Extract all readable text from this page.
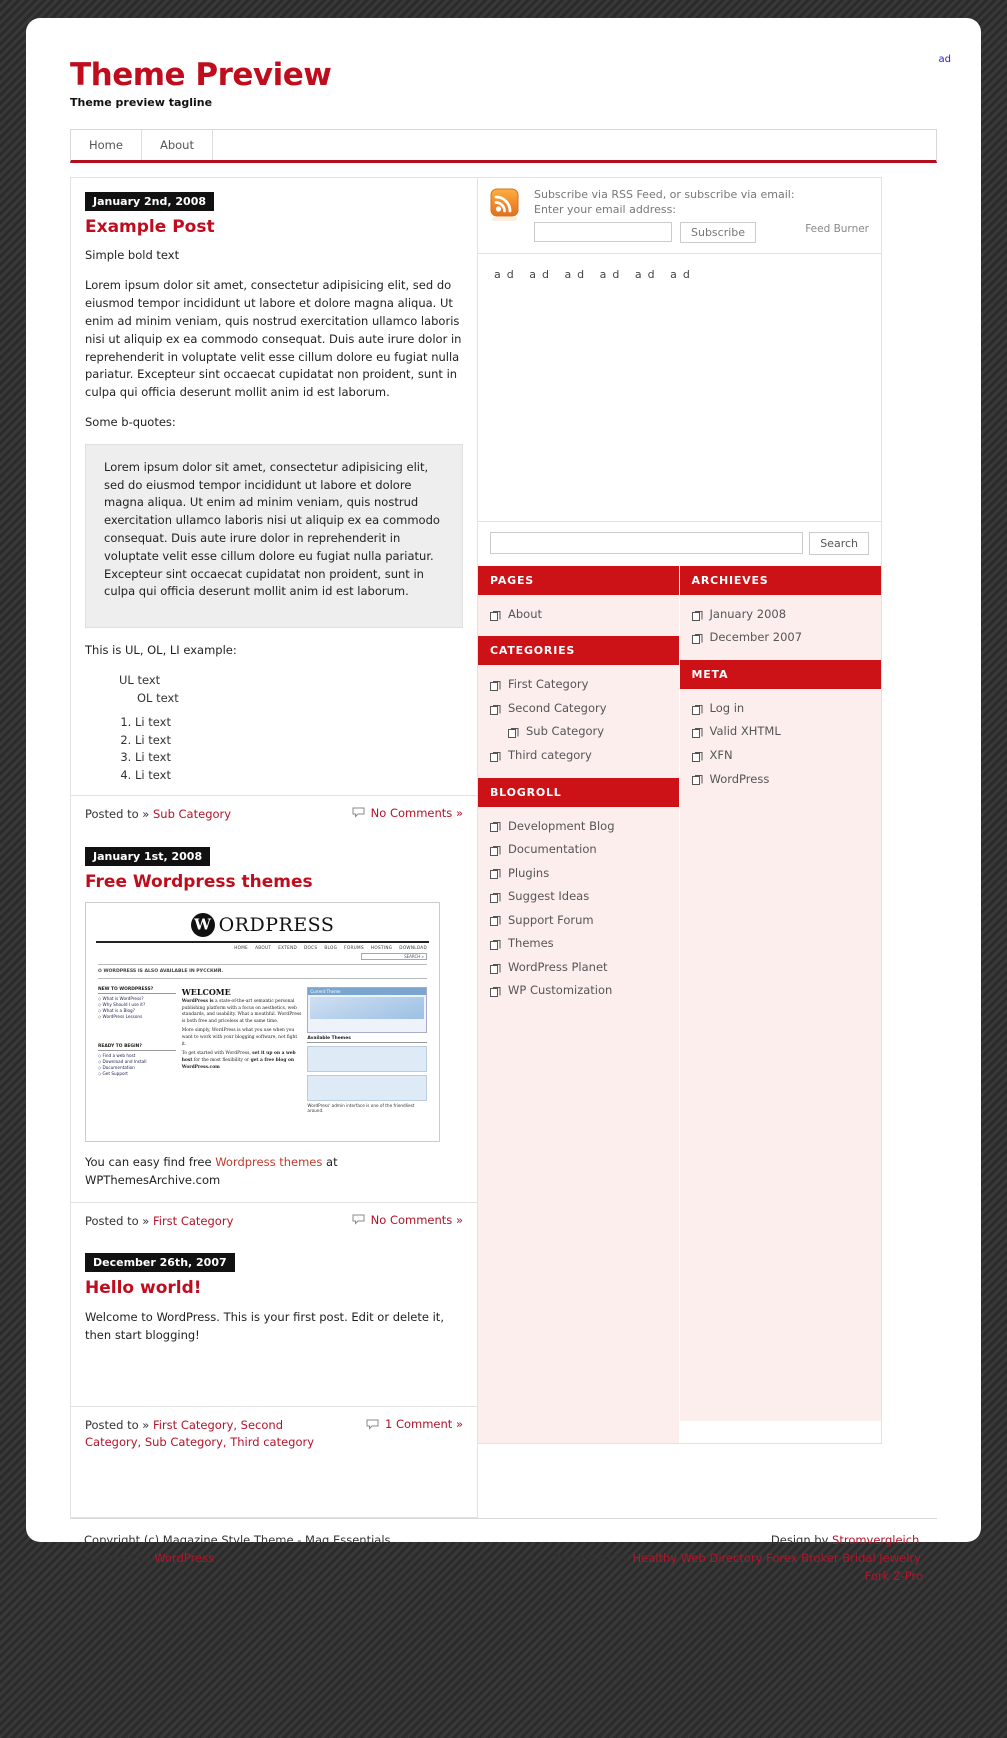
Theme Preview

Theme preview tagline

ad
Home	About
January 2nd, 2008
Example Post

Simple bold text

Lorem ipsum dolor sit amet, consectetur adipisicing elit, sed do eiusmod tempor incididunt ut labore et dolore magna aliqua. Ut enim ad minim veniam, quis nostrud exercitation ullamco laboris nisi ut aliquip ex ea commodo consequat. Duis aute irure dolor in reprehenderit in voluptate velit esse cillum dolore eu fugiat nulla pariatur. Excepteur sint occaecat cupidatat non proident, sunt in culpa qui officia deserunt mollit anim id est laborum.

Some b-quotes:

Lorem ipsum dolor sit amet, consectetur adipisicing elit, sed do eiusmod tempor incididunt ut labore et dolore magna aliqua. Ut enim ad minim veniam, quis nostrud exercitation ullamco laboris nisi ut aliquip ex ea commodo consequat. Duis aute irure dolor in reprehenderit in voluptate velit esse cillum dolore eu fugiat nulla pariatur. Excepteur sint occaecat cupidatat non proident, sunt in culpa qui officia deserunt mollit anim id est laborum.

This is UL, OL, LI example:

UL text
OL text
1. Li text
2. Li text
3. Li text
4. Li text
Posted to » Sub Category	No Comments »
January 1st, 2008
Free Wordpress themes
W
ORDPRESS
HOME ABOUT EXTEND DOCS BLOG FORUMS HOSTING DOWNLOAD
SEARCH »
✪ WORDPRESS IS ALSO AVAILABLE IN РУССКИЙ.
NEW TO WORDPRESS?
◇ What is WordPress?
◇ Why Should I use it?
◇ What is a Blog?
◇ WordPress Lessons
READY TO BEGIN?
◇ Find a web host
◇ Download and Install
◇ Documentation
◇ Get Support
WELCOME
WordPress is a state-of-the-art semantic personal publishing platform with a focus on aesthetics, web standards, and usability. What a mouthful. WordPress is both free and priceless at the same time.
More simply, WordPress is what you use when you want to work with your blogging software, not fight it.
To get started with WordPress, set it up on a web host for the most flexibility or get a free blog on WordPress.com
Current Theme
Available Themes
WordPress' admin interface is one of the friendliest around.

You can easy find free Wordpress themes at WPThemesArchive.com

Posted to » First Category	No Comments »
December 26th, 2007
Hello world!

Welcome to WordPress. This is your first post. Edit or delete it, then start blogging!

Posted to » First Category, Second Category, Sub Category, Third category
1 Comment »
Subscribe via RSS Feed, or subscribe via email:
Enter your email address:
Subscribe	Feed Burner
ad ad ad ad ad ad
Search
PAGES
About
CATEGORIES
First Category
Second Category
Sub Category
Third category
BLOGROLL
Development Blog
Documentation
Plugins
Suggest Ideas
Support Forum
Themes
WordPress Planet
WP Customization
ARCHIEVES
January 2008
December 2007
META
Log in
Valid XHTML
XFN
WordPress
Copyright (c) Magazine Style Theme - Mag Essentials.
Powered by WordPress
Design by Stromvergleich.
Presented by Healthy Web Directory Forex Broker Bridal Jewelry.
Fork Z-Pro
